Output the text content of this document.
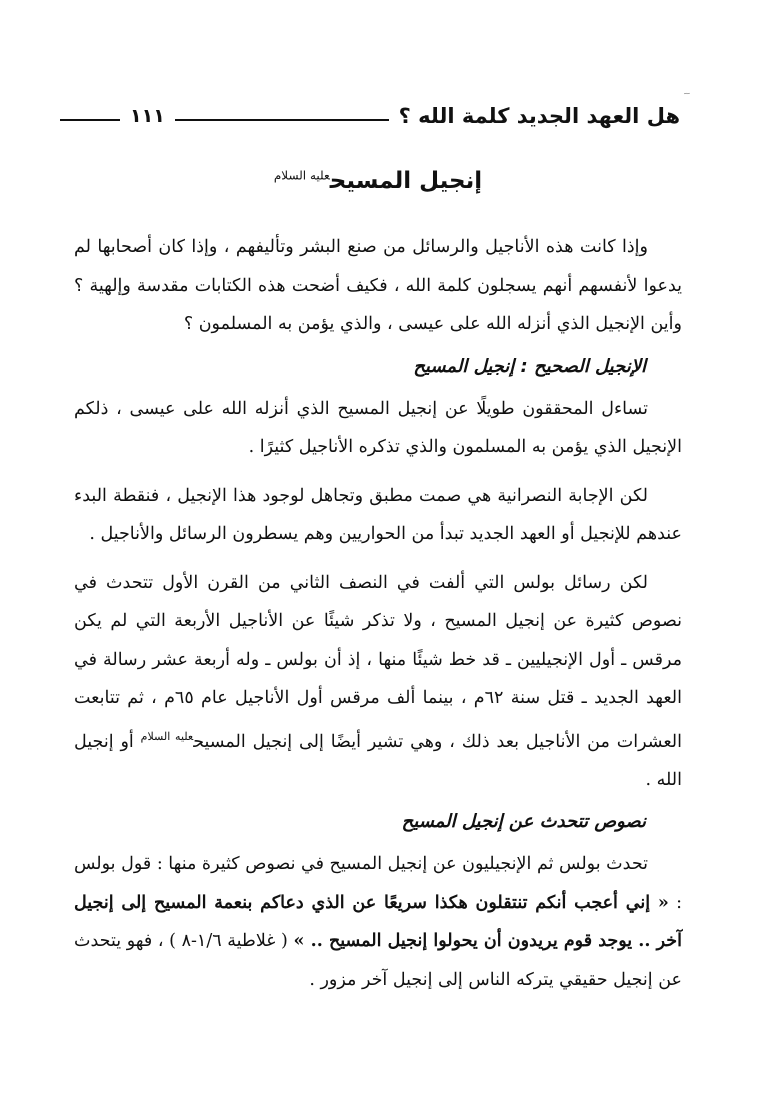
ﹶﹶ
هل العهد الجديد كلمة الله ؟
١١١
إنجيل المسيح$^{عليه السلام}$

وإذا كانت هذه الأناجيل والرسائل من صنع البشر وتأليفهم ، وإذا كان أصحابها لم يدعوا لأنفسهم أنهم يسجلون كلمة الله ، فكيف أضحت هذه الكتابات مقدسة وإلهية ؟ وأين الإنجيل الذي أنزله الله على عيسى ، والذي يؤمن به المسلمون ؟

الإنجيل الصحيح : إنجيل المسيح

تساءل المحققون طويلًا عن إنجيل المسيح الذي أنزله الله على عيسى ، ذلكم الإنجيل الذي يؤمن به المسلمون والذي تذكره الأناجيل كثيرًا .

لكن الإجابة النصرانية هي صمت مطبق وتجاهل لوجود هذا الإنجيل ، فنقطة البدء عندهم للإنجيل أو العهد الجديد تبدأ من الحواريين وهم يسطرون الرسائل والأناجيل .

لكن رسائل بولس التي ألفت في النصف الثاني من القرن الأول تتحدث في نصوص كثيرة عن إنجيل المسيح ، ولا تذكر شيئًا عن الأناجيل الأربعة التي لم يكن مرقس ـ أول الإنجيليين ـ قد خط شيئًا منها ، إذ أن بولس ـ وله أربعة عشر رسالة في العهد الجديد ـ قتل سنة ٦٢م ، بينما ألف مرقس أول الأناجيل عام ٦٥م ، ثم تتابعت العشرات من الأناجيل بعد ذلك ، وهي تشير أيضًا إلى إنجيل المسيح$^{عليه السلام}$ أو إنجيل الله .

نصوص تتحدث عن إنجيل المسيح

تحدث بولس ثم الإنجيليون عن إنجيل المسيح في نصوص كثيرة منها : قول بولس : « إني أعجب أنكم تنتقلون هكذا سريعًا عن الذي دعاكم بنعمة المسيح إلى إنجيل آخر .. يوجد قوم يريدون أن يحولوا إنجيل المسيح .. » ( غلاطية ١/٦-٨ ) ، فهو يتحدث عن إنجيل حقيقي يتركه الناس إلى إنجيل آخر مزور .
